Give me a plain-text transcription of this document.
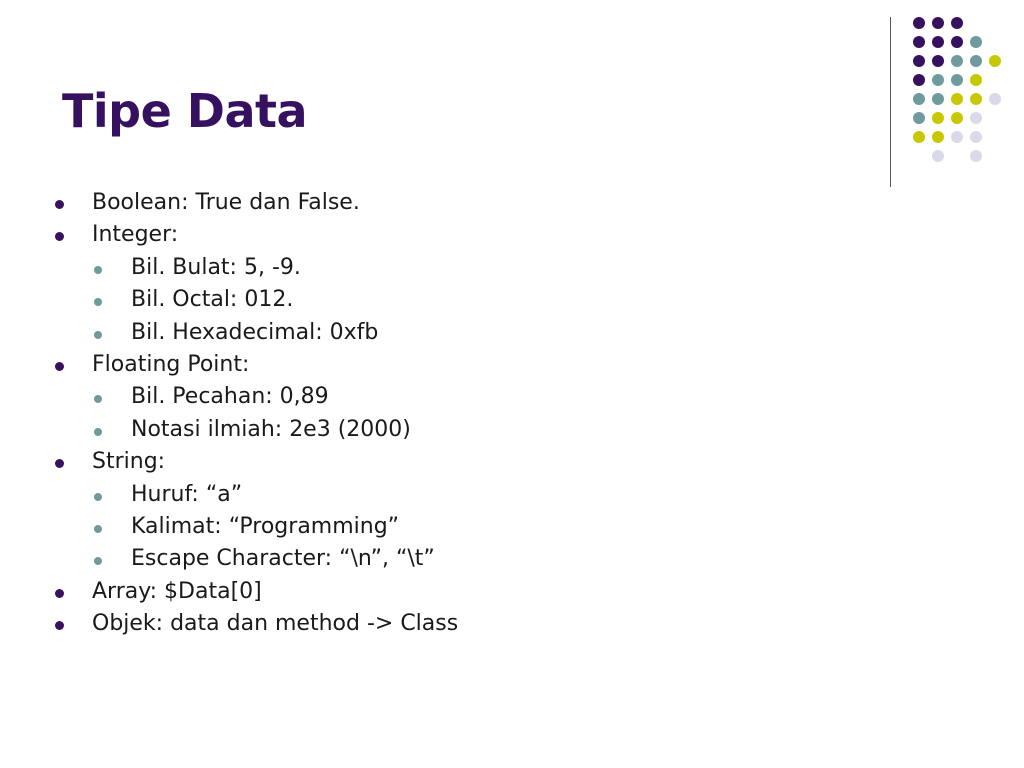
Tipe Data
Boolean: True dan False.
Integer:
Bil. Bulat: 5, -9.
Bil. Octal: 012.
Bil. Hexadecimal: 0xfb
Floating Point:
Bil. Pecahan: 0,89
Notasi ilmiah: 2e3 (2000)
String:
Huruf: “a”
Kalimat: “Programming”
Escape Character: “\n”, “\t”
Array: $Data[0]
Objek: data dan method -> Class
